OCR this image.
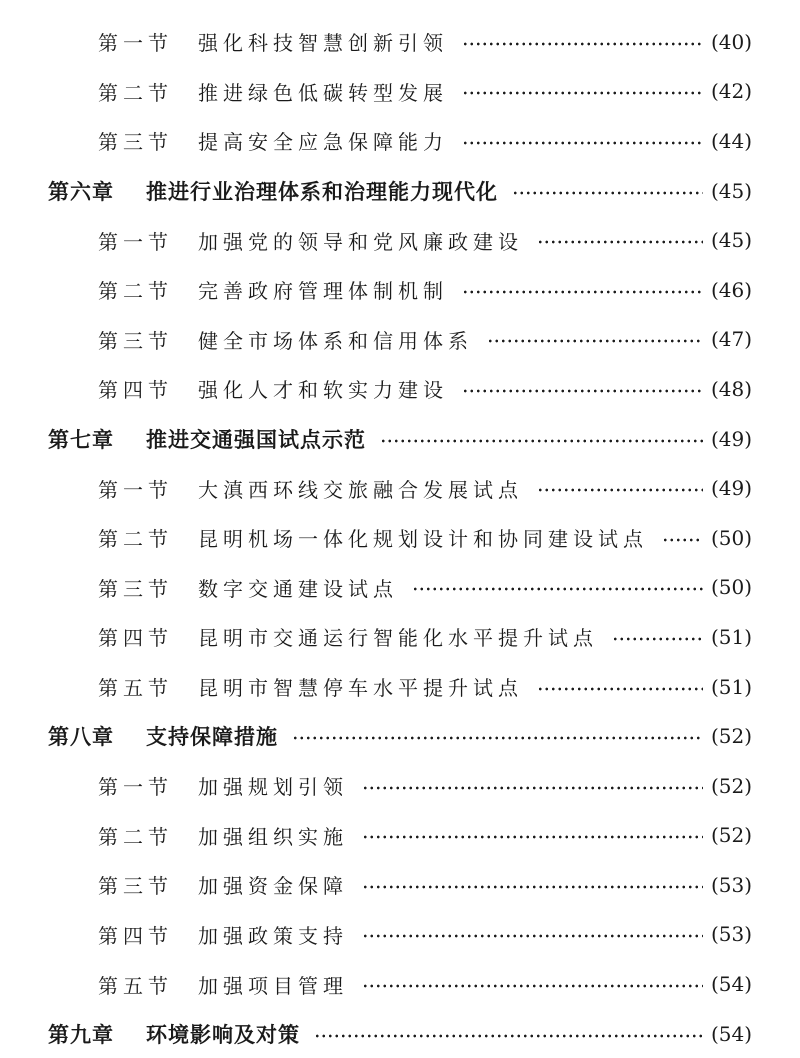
第一节	强化科技智慧创新引领	(40)
第二节	推进绿色低碳转型发展	(42)
第三节	提高安全应急保障能力	(44)
第六章	推进行业治理体系和治理能力现代化	(45)
第一节	加强党的领导和党风廉政建设	(45)
第二节	完善政府管理体制机制	(46)
第三节	健全市场体系和信用体系	(47)
第四节	强化人才和软实力建设	(48)
第七章	推进交通强国试点示范	(49)
第一节	大滇西环线交旅融合发展试点	(49)
第二节	昆明机场一体化规划设计和协同建设试点	(50)
第三节	数字交通建设试点	(50)
第四节	昆明市交通运行智能化水平提升试点	(51)
第五节	昆明市智慧停车水平提升试点	(51)
第八章	支持保障措施	(52)
第一节	加强规划引领	(52)
第二节	加强组织实施	(52)
第三节	加强资金保障	(53)
第四节	加强政策支持	(53)
第五节	加强项目管理	(54)
第九章	环境影响及对策	(54)
